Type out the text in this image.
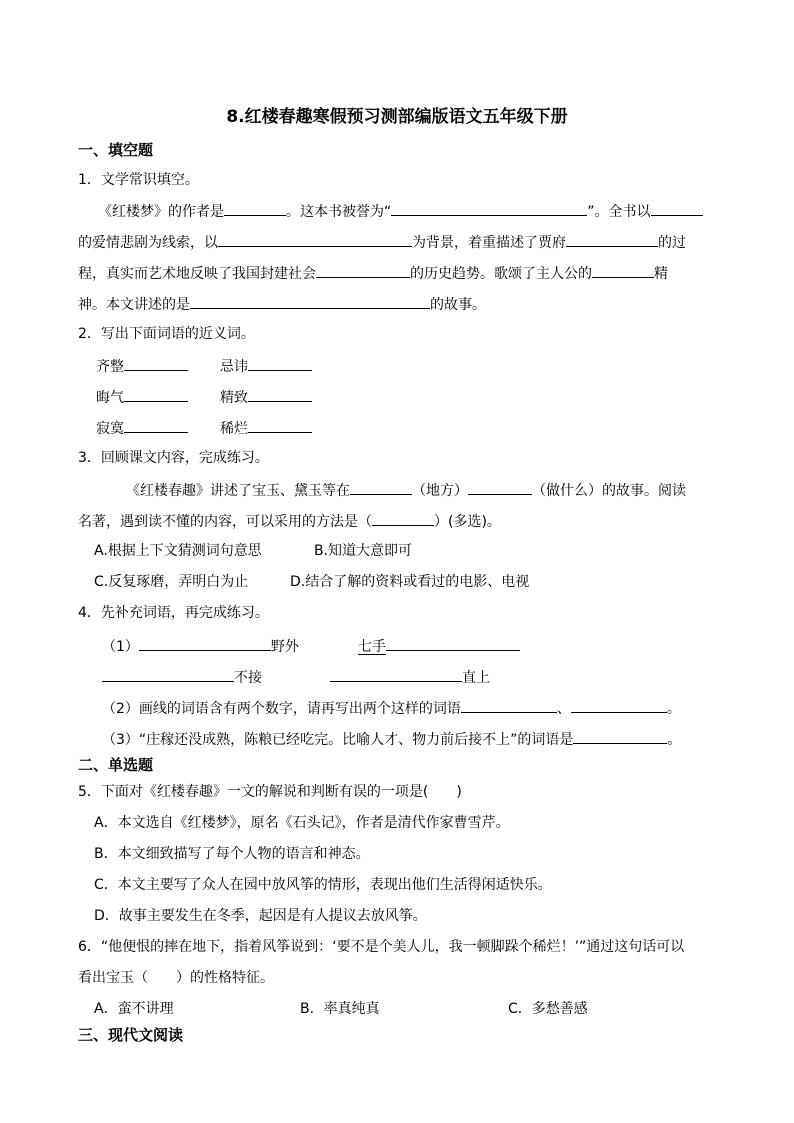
8.红楼春趣寒假预习测部编版语文五年级下册
一、填空题
1．文学常识填空。
《红楼梦》的作者是	。这本书被誉为“	”。全书以
的爱情悲剧为线索，以	为背景，着重描述了贾府	的过
程，真实而艺术地反映了我国封建社会	的历史趋势。歌颂了主人公的	精
神。本文讲述的是	的故事。
2．写出下面词语的近义词。
齐整	忌讳
晦气	精致
寂寞	稀烂
3．回顾课文内容，完成练习。
《红楼春趣》讲述了宝玉、黛玉等在	（地方）	（做什么）的故事。阅读
名著，遇到读不懂的内容，可以采用的方法是（	）(多选)。
A.根据上下文猜测词句意思	B.知道大意即可
C.反复琢磨，弄明白为止	D.结合了解的资料或看过的电影、电视
4．先补充词语，再完成练习。
（1）	野外	七手
不接	直上
（2）画线的词语含有两个数字，请再写出两个这样的词语	、	。
（3）“庄稼还没成熟，陈粮已经吃完。比喻人才、物力前后接不上”的词语是	。
二、单选题
5．下面对《红楼春趣》一文的解说和判断有误的一项是(　　)
A．本文选自《红楼梦》，原名《石头记》，作者是清代作家曹雪芹。
B．本文细致描写了每个人物的语言和神态。
C．本文主要写了众人在园中放风筝的情形，表现出他们生活得闲适快乐。
D．故事主要发生在冬季，起因是有人提议去放风筝。
6．“他便恨的摔在地下，指着风筝说到：‘要不是个美人儿，我一顿脚跺个稀烂！’”通过这句话可以
看出宝玉（　　）的性格特征。
A．蛮不讲理	B．率真纯真	C．多愁善感
三、现代文阅读
